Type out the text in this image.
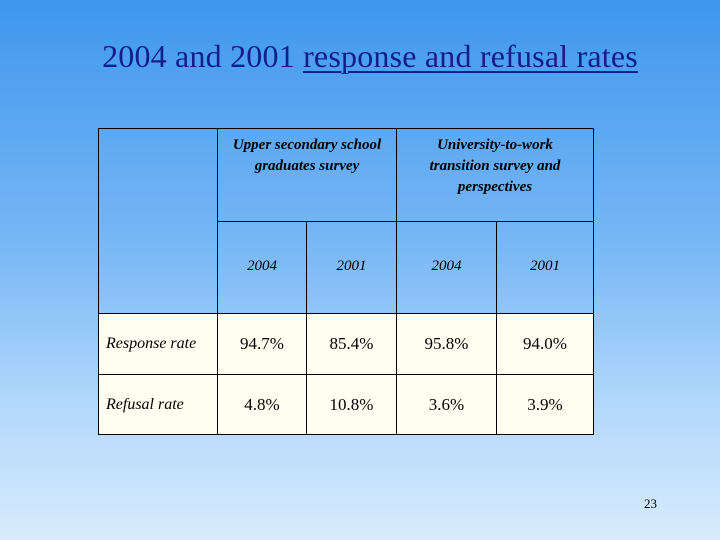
2004 and 2001 response and refusal rates
Upper secondary school graduates survey
University-to-work transition survey and perspectives
2004	2001	2004	2001
Response rate	94.7%	85.4%	95.8%	94.0%
Refusal rate	4.8%	10.8%	3.6%	3.9%
23
